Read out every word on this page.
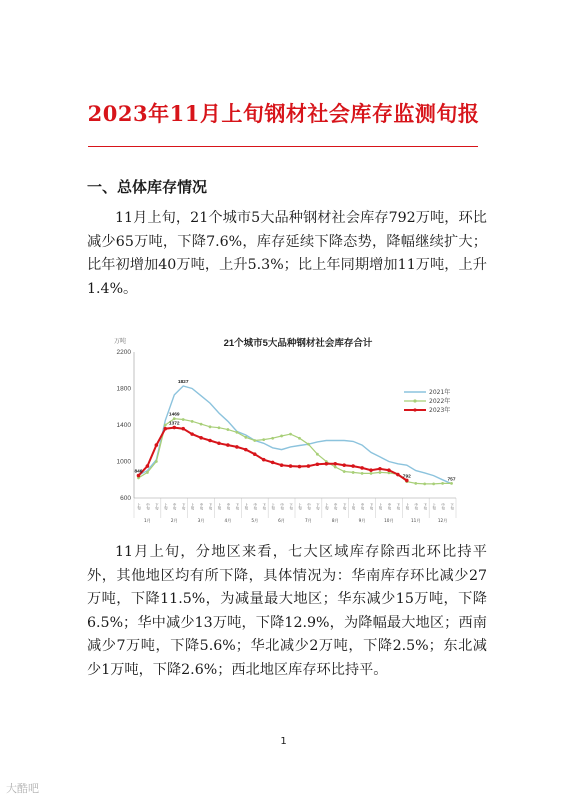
2023年11月上旬钢材社会库存监测旬报
一、总体库存情况
11月上旬，21个城市5大品种钢材社会库存792万吨，环比减少65万吨，下降7.6%，库存延续下降态势，降幅继续扩大；比年初增加40万吨，上升5.3%；比上年同期增加11万吨，上升1.4%。
21个城市5大品种钢材社会库存合计
万吨
600
1000
1400
1800
2200
上旬 中旬 下旬 上旬 中旬 下旬 上旬 中旬 下旬 上旬 中旬 下旬 上旬 中旬 下旬 上旬 中旬 下旬 上旬 中旬 下旬 上旬 中旬 下旬 上旬 中旬 下旬 上旬 中旬 下旬 上旬 中旬 下旬 上旬 中旬 下旬
1月	2月	3月	4月	5月	6月	7月	8月	9月	10月	11月	12月
2021年
2022年
2023年
846
1827
1469
1372
792
757
11月上旬，分地区来看，七大区域库存除西北环比持平外，其他地区均有所下降，具体情况为：华南库存环比减少27万吨，下降11.5%，为减量最大地区；华东减少15万吨，下降6.5%；华中减少13万吨，下降12.9%，为降幅最大地区；西南减少7万吨，下降5.6%；华北减少2万吨，下降2.5%；东北减少1万吨，下降2.6%；西北地区库存环比持平。
1
大酷吧
